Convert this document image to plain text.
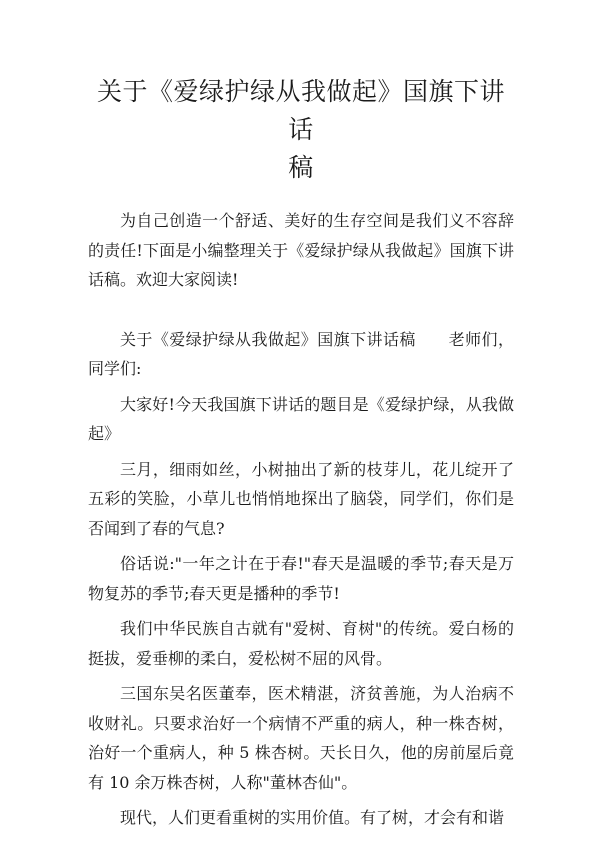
关于《爱绿护绿从我做起》国旗下讲话
稿

为自己创造一个舒适、美好的生存空间是我们义不容辞的责任!下面是小编整理关于《爱绿护绿从我做起》国旗下讲话稿。欢迎大家阅读!

关于《爱绿护绿从我做起》国旗下讲话稿　　老师们，同学们:

大家好!今天我国旗下讲话的题目是《爱绿护绿，从我做起》

三月，细雨如丝，小树抽出了新的枝芽儿，花儿绽开了五彩的笑脸，小草儿也悄悄地探出了脑袋，同学们，你们是否闻到了春的气息?

俗话说:"一年之计在于春!"春天是温暖的季节;春天是万物复苏的季节;春天更是播种的季节!

我们中华民族自古就有"爱树、育树"的传统。爱白杨的挺拔，爱垂柳的柔白，爱松树不屈的风骨。

三国东吴名医董奉，医术精湛，济贫善施，为人治病不收财礼。只要求治好一个病情不严重的病人，种一株杏树，治好一个重病人，种 5 株杏树。天长日久，他的房前屋后竟有 10 余万株杏树，人称"董林杏仙"。

现代，人们更看重树的实用价值。有了树，才会有和谐
